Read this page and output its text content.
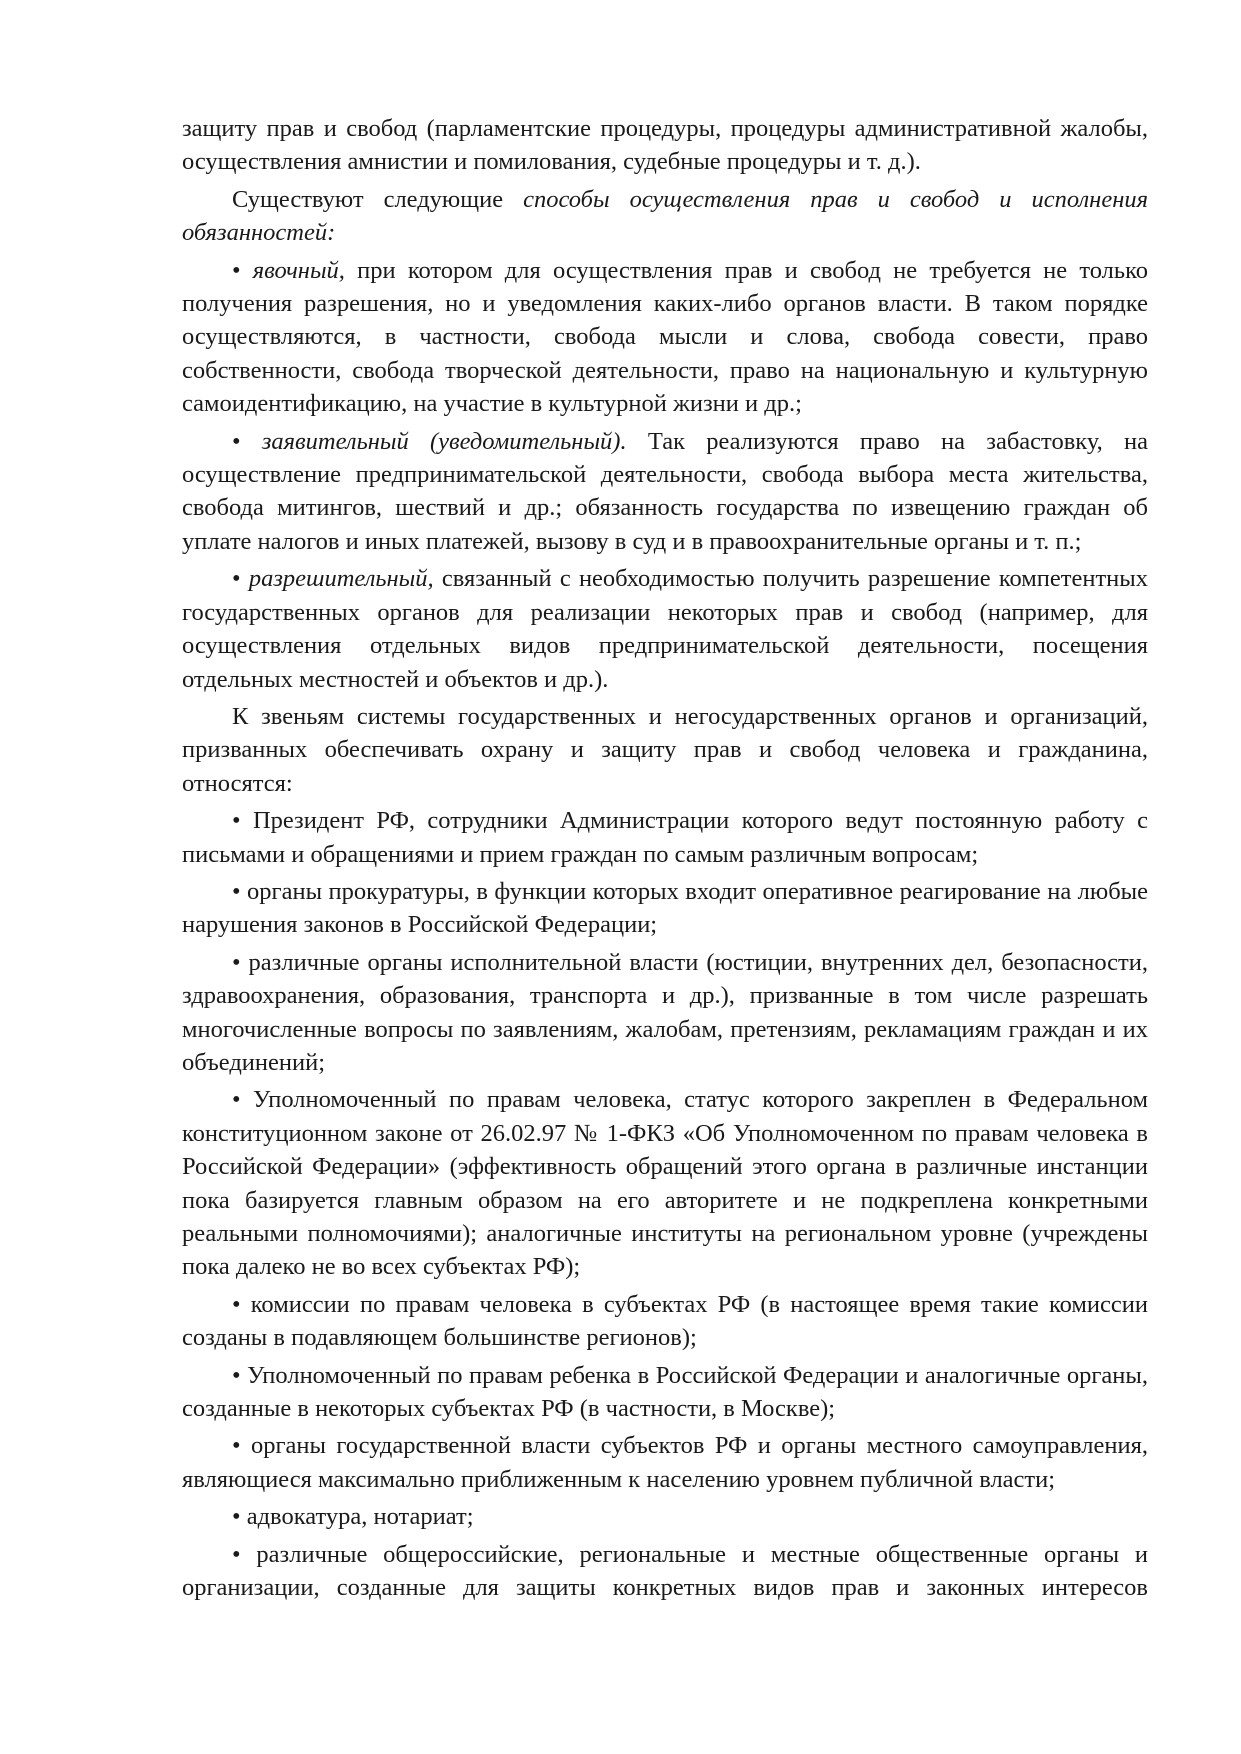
защиту прав и свобод (парламентские процедуры, процедуры административной жалобы, осуществления амнистии и помилования, судебные процедуры и т. д.).

Существуют следующие способы осуществления прав и свобод и исполнения обязанностей:

• явочный, при котором для осуществления прав и свобод не требуется не только получения разрешения, но и уведомления каких-либо органов власти. В таком порядке осуществляются, в частности, свобода мысли и слова, свобода совести, право собственности, свобода творческой деятельности, право на национальную и культурную самоидентификацию, на участие в культурной жизни и др.;

• заявительный (уведомительный). Так реализуются право на забастовку, на осуществление предпринимательской деятельности, свобода выбора места жительства, свобода митингов, шествий и др.; обязанность государства по извещению граждан об уплате налогов и иных платежей, вызову в суд и в правоохранительные органы и т. п.;

• разрешительный, связанный с необходимостью получить разрешение компетентных государственных органов для реализации некоторых прав и свобод (например, для осуществления отдельных видов предпринимательской деятельности, посещения отдельных местностей и объектов и др.).

К звеньям системы государственных и негосударственных органов и организаций, призванных обеспечивать охрану и защиту прав и свобод человека и гражданина, относятся:

• Президент РФ, сотрудники Администрации которого ведут постоянную работу с письмами и обращениями и прием граждан по самым различным вопросам;

• органы прокуратуры, в функции которых входит оперативное реагирование на любые нарушения законов в Российской Федерации;

• различные органы исполнительной власти (юстиции, внутренних дел, безопасности, здравоохранения, образования, транспорта и др.), призванные в том числе разрешать многочисленные вопросы по заявлениям, жалобам, претензиям, рекламациям граждан и их объединений;

• Уполномоченный по правам человека, статус которого закреплен в Федеральном конституционном законе от 26.02.97 № 1-ФКЗ «Об Уполномоченном по правам человека в Российской Федерации» (эффективность обращений этого органа в различные инстанции пока базируется главным образом на его авторитете и не подкреплена конкретными реальными полномочиями); аналогичные институты на региональном уровне (учреждены пока далеко не во всех субъектах РФ);

• комиссии по правам человека в субъектах РФ (в настоящее время такие комиссии созданы в подавляющем большинстве регионов);

• Уполномоченный по правам ребенка в Российской Федерации и аналогичные органы, созданные в некоторых субъектах РФ (в частности, в Москве);

• органы государственной власти субъектов РФ и органы местного самоуправления, являющиеся максимально приближенным к населению уровнем публичной власти;

• адвокатура, нотариат;

• различные общероссийские, региональные и местные общественные органы и организации, созданные для защиты конкретных видов прав и законных интересов
